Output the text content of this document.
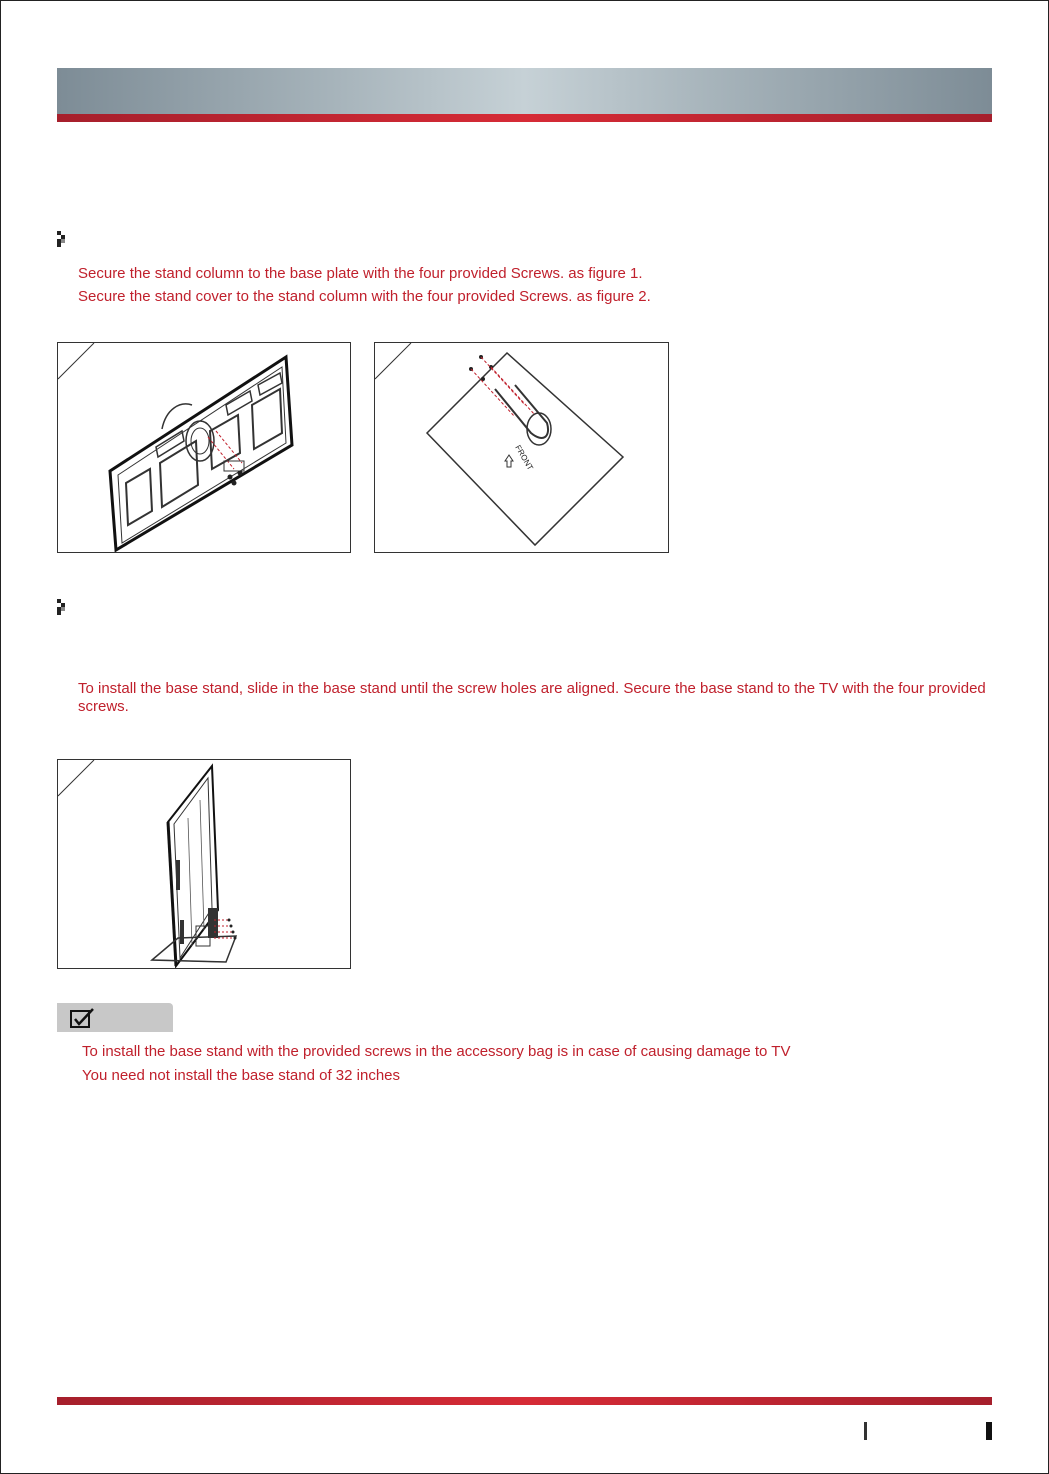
Secure the stand column to the base plate with the four provided Screws. as figure 1.
Secure the stand cover to the stand column with the four provided Screws. as figure 2.
FRONT
To install the base stand, slide in the base stand until the screw holes are aligned. Secure the base stand to the TV with the four provided screws.
To install the base stand with the provided screws in the accessory bag is in case of causing damage to TV
You need not install the base stand of 32 inches
